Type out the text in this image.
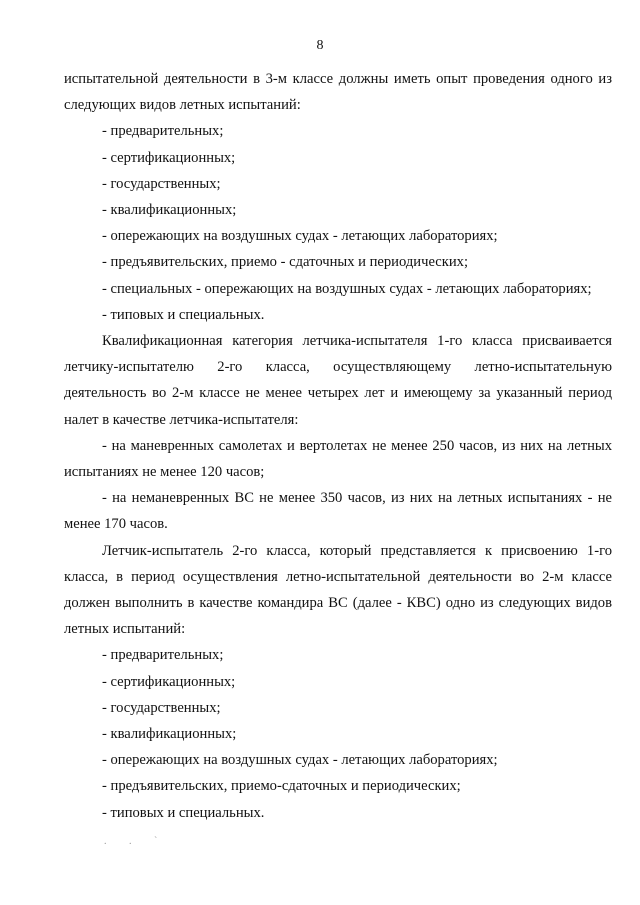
8

испытательной деятельности в 3-м классе должны иметь опыт проведения одного из следующих видов летных испытаний:

- предварительных;

- сертификационных;

- государственных;

- квалификационных;

- опережающих на воздушных судах - летающих лабораториях;

- предъявительских, приемо - сдаточных и периодических;

- специальных - опережающих на воздушных судах - летающих лабораториях;

- типовых и специальных.

Квалификационная категория летчика-испытателя 1-го класса присваивается летчику-испытателю 2-го класса, осуществляющему летно-испытательную деятельность во 2-м классе не менее четырех лет и имеющему за указанный период налет в качестве летчика-испытателя:

- на маневренных самолетах и вертолетах не менее 250 часов, из них на летных испытаниях не менее 120 часов;

- на неманевренных ВС не менее 350 часов, из них на летных испытаниях - не менее 170 часов.

Летчик-испытатель 2-го класса, который представляется к присвоению 1-го класса, в период осуществления летно-испытательной деятельности во 2-м классе должен выполнить в качестве командира ВС (далее - КВС) одно из следующих видов летных испытаний:

- предварительных;

- сертификационных;

- государственных;

- квалификационных;

- опережающих на воздушных судах - летающих лабораториях;

- предъявительских, приемо-сдаточных и периодических;

- типовых и специальных.

. . `
